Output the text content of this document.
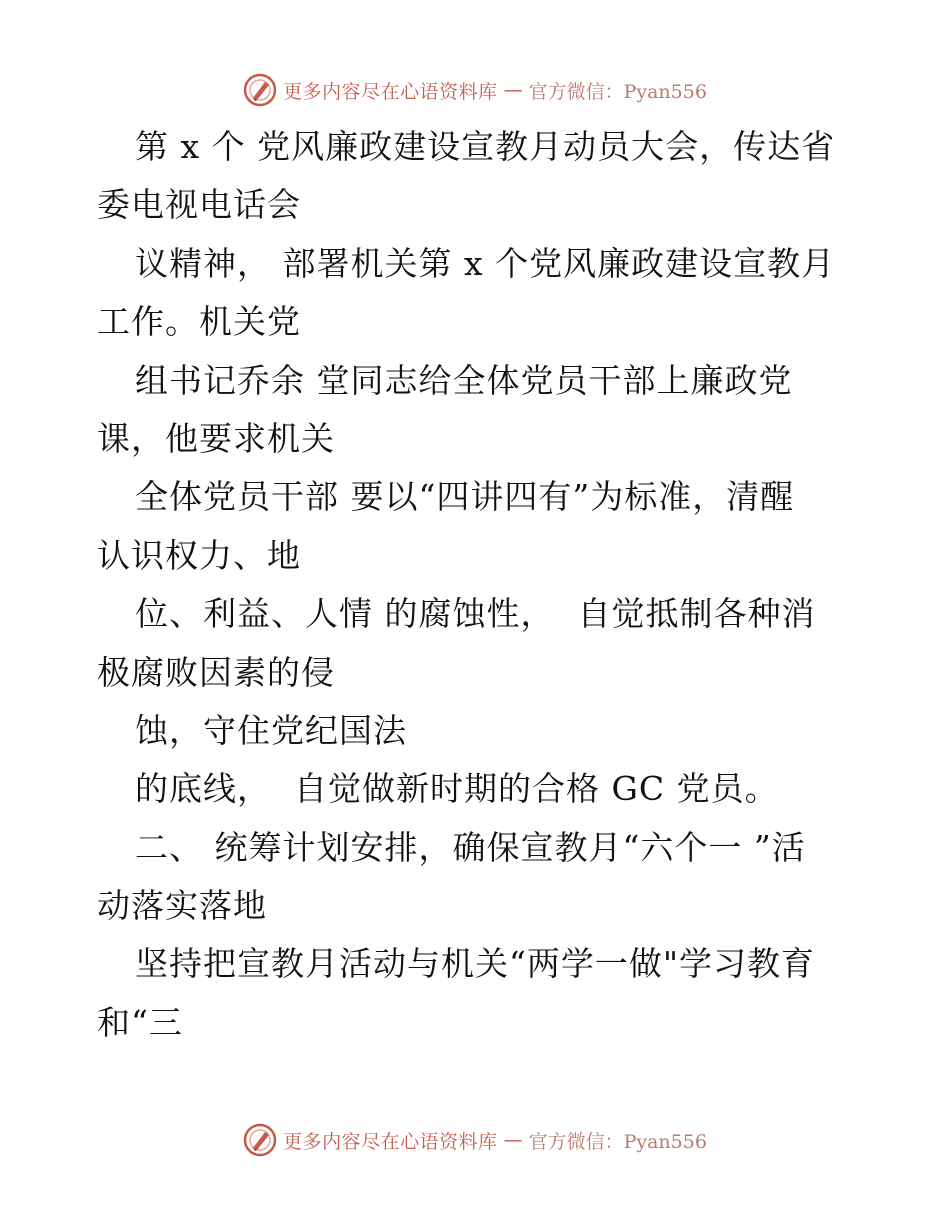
更多内容尽在心语资料库 — 官方微信：Pyan556
第 x 个 党风廉政建设宣教月动员大会，传达省
委电视电话会
议精神， 部署机关第 x 个党风廉政建设宣教月
工作。机关党
组书记乔余 堂同志给全体党员干部上廉政党
课，他要求机关
全体党员干部 要以“四讲四有”为标准，清醒
认识权力、地
位、利益、人情 的腐蚀性，  自觉抵制各种消
极腐败因素的侵
蚀，守住党纪国法
的底线，  自觉做新时期的合格 GC 党员。
二、 统筹计划安排，确保宣教月“六个一 ”活
动落实落地
坚持把宣教月活动与机关“两学一做"学习教育
和“三
更多内容尽在心语资料库 — 官方微信：Pyan556
